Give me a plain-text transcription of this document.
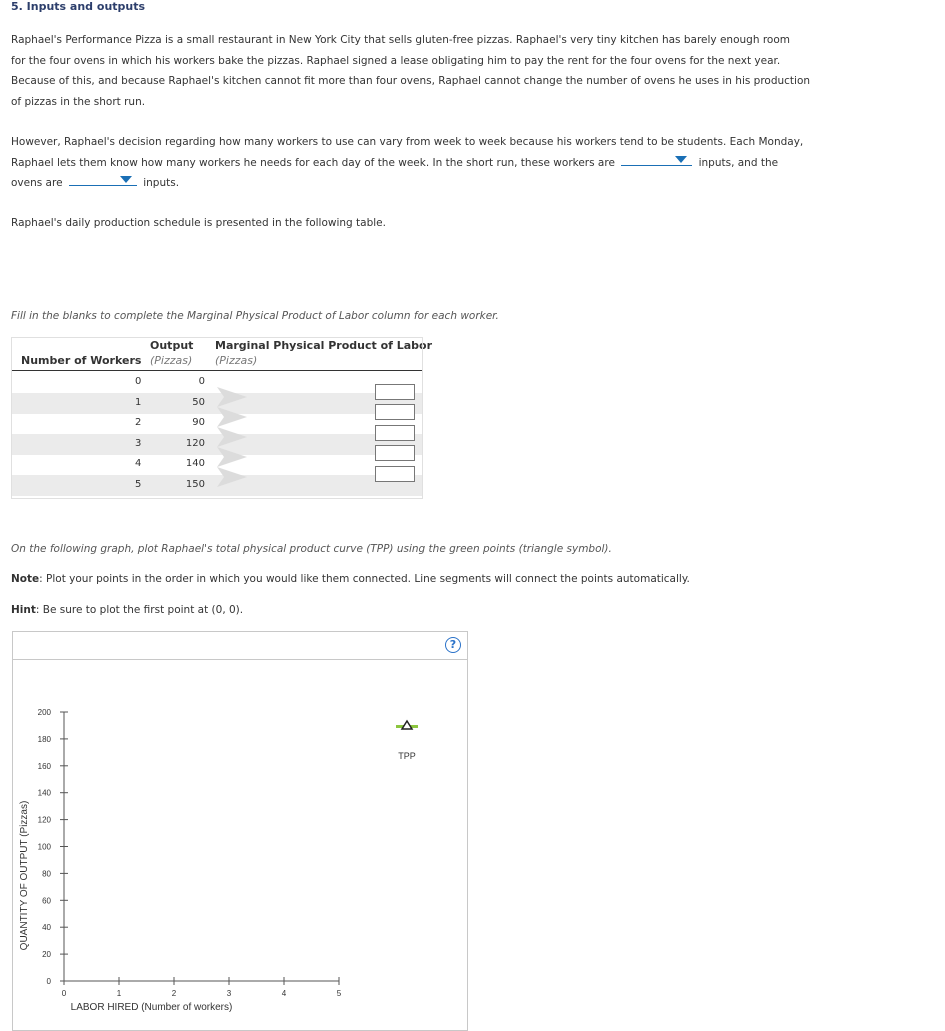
5. Inputs and outputs
Raphael's Performance Pizza is a small restaurant in New York City that sells gluten-free pizzas. Raphael's very tiny kitchen has barely enough room
for the four ovens in which his workers bake the pizzas. Raphael signed a lease obligating him to pay the rent for the four ovens for the next year.
Because of this, and because Raphael's kitchen cannot fit more than four ovens, Raphael cannot change the number of ovens he uses in his production
of pizzas in the short run.
However, Raphael's decision regarding how many workers to use can vary from week to week because his workers tend to be students. Each Monday,
Raphael lets them know how many workers he needs for each day of the week. In the short run, these workers are	inputs, and the
ovens are	inputs.
Raphael's daily production schedule is presented in the following table.
Fill in the blanks to complete the Marginal Physical Product of Labor column for each worker.
Number of Workers
Output
(Pizzas)
Marginal Physical Product of Labor
(Pizzas)
0	0
1	50
2	90
3	120
4	140
5	150
On the following graph, plot Raphael's total physical product curve (TPP) using the green points (triangle symbol).
Note: Plot your points in the order in which you would like them connected. Line segments will connect the points automatically.
Hint: Be sure to plot the first point at (0, 0).
?
0
20
40
60
80
100
120
140
160
180
200
0	1	2	3	4	5
LABOR HIRED (Number of workers)
QUANTITY OF OUTPUT (Pizzas)
TPP
